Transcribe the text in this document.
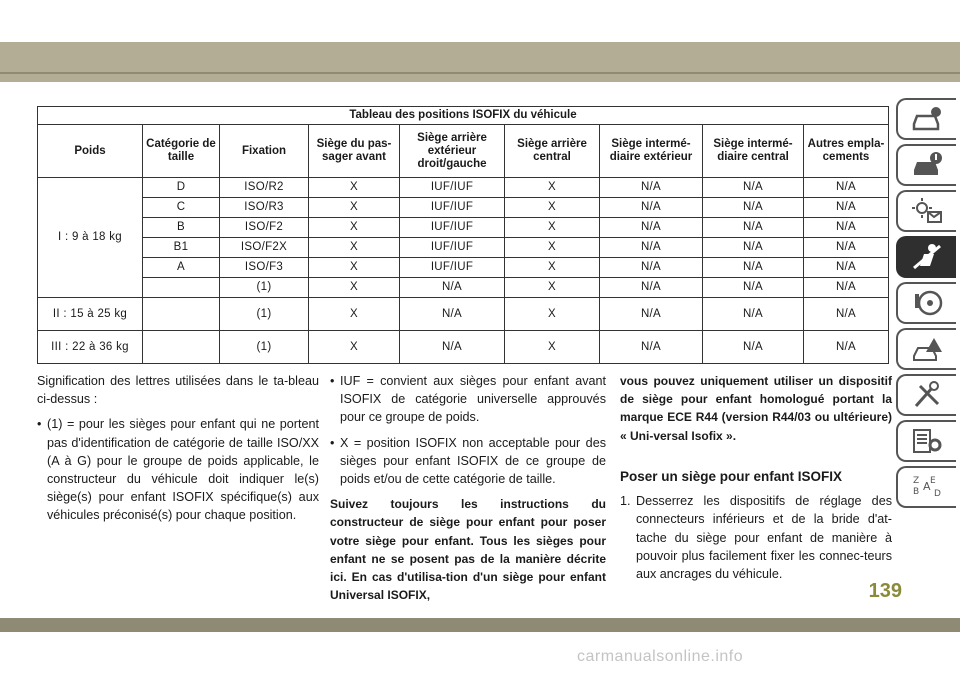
Tableau des positions ISOFIX du véhicule								
Poids	Catégorie de taille	Fixation	Siège du pas-sager avant	Siège arrière extérieur droit/gauche	Siège arrière central	Siège intermé-diaire extérieur	Siège intermé-diaire central	Autres empla-cements
I : 9 à 18 kg	D	ISO/R2	X	IUF/IUF	X	N/A	N/A	N/A
	C	ISO/R3	X	IUF/IUF	X	N/A	N/A	N/A
	B	ISO/F2	X	IUF/IUF	X	N/A	N/A	N/A
	B1	ISO/F2X	X	IUF/IUF	X	N/A	N/A	N/A
	A	ISO/F3	X	IUF/IUF	X	N/A	N/A	N/A
		(1)	X	N/A	X	N/A	N/A	N/A
II : 15 à 25 kg		(1)	X	N/A	X	N/A	N/A	N/A
III : 22 à 36 kg		(1)	X	N/A	X	N/A	N/A	N/A

Signification des lettres utilisées dans le ta-bleau ci-dessus :

• (1) = pour les sièges pour enfant qui ne portent pas d'identification de catégorie de taille ISO/XX (A à G) pour le groupe de poids applicable, le constructeur du véhicule doit indiquer le(s) siège(s) pour enfant ISOFIX spécifique(s) aux véhicules préconisé(s) pour chaque position.
• IUF = convient aux sièges pour enfant avant ISOFIX de catégorie universelle approuvés pour ce groupe de poids.
• X = position ISOFIX non acceptable pour des sièges pour enfant ISOFIX de ce groupe de poids et/ou de cette catégorie de taille.
Suivez toujours les instructions du constructeur de siège pour enfant pour poser votre siège pour enfant. Tous les sièges pour enfant ne se posent pas de la manière décrite ici. En cas d'utilisa-tion d'un siège pour enfant Universal ISOFIX,
vous pouvez uniquement utiliser un dispositif de siège pour enfant homologué portant la marque ECE R44 (version R44/03 ou ultérieure) « Uni-versal Isofix ».
Poser un siège pour enfant ISOFIX
1. Desserrez les dispositifs de réglage des connecteurs inférieurs et de la bride d'at-tache du siège pour enfant de manière à pouvoir plus facilement fixer les connec-teurs aux ancrages du véhicule.
139
Z E
B A
D
carmanualsonline.info
